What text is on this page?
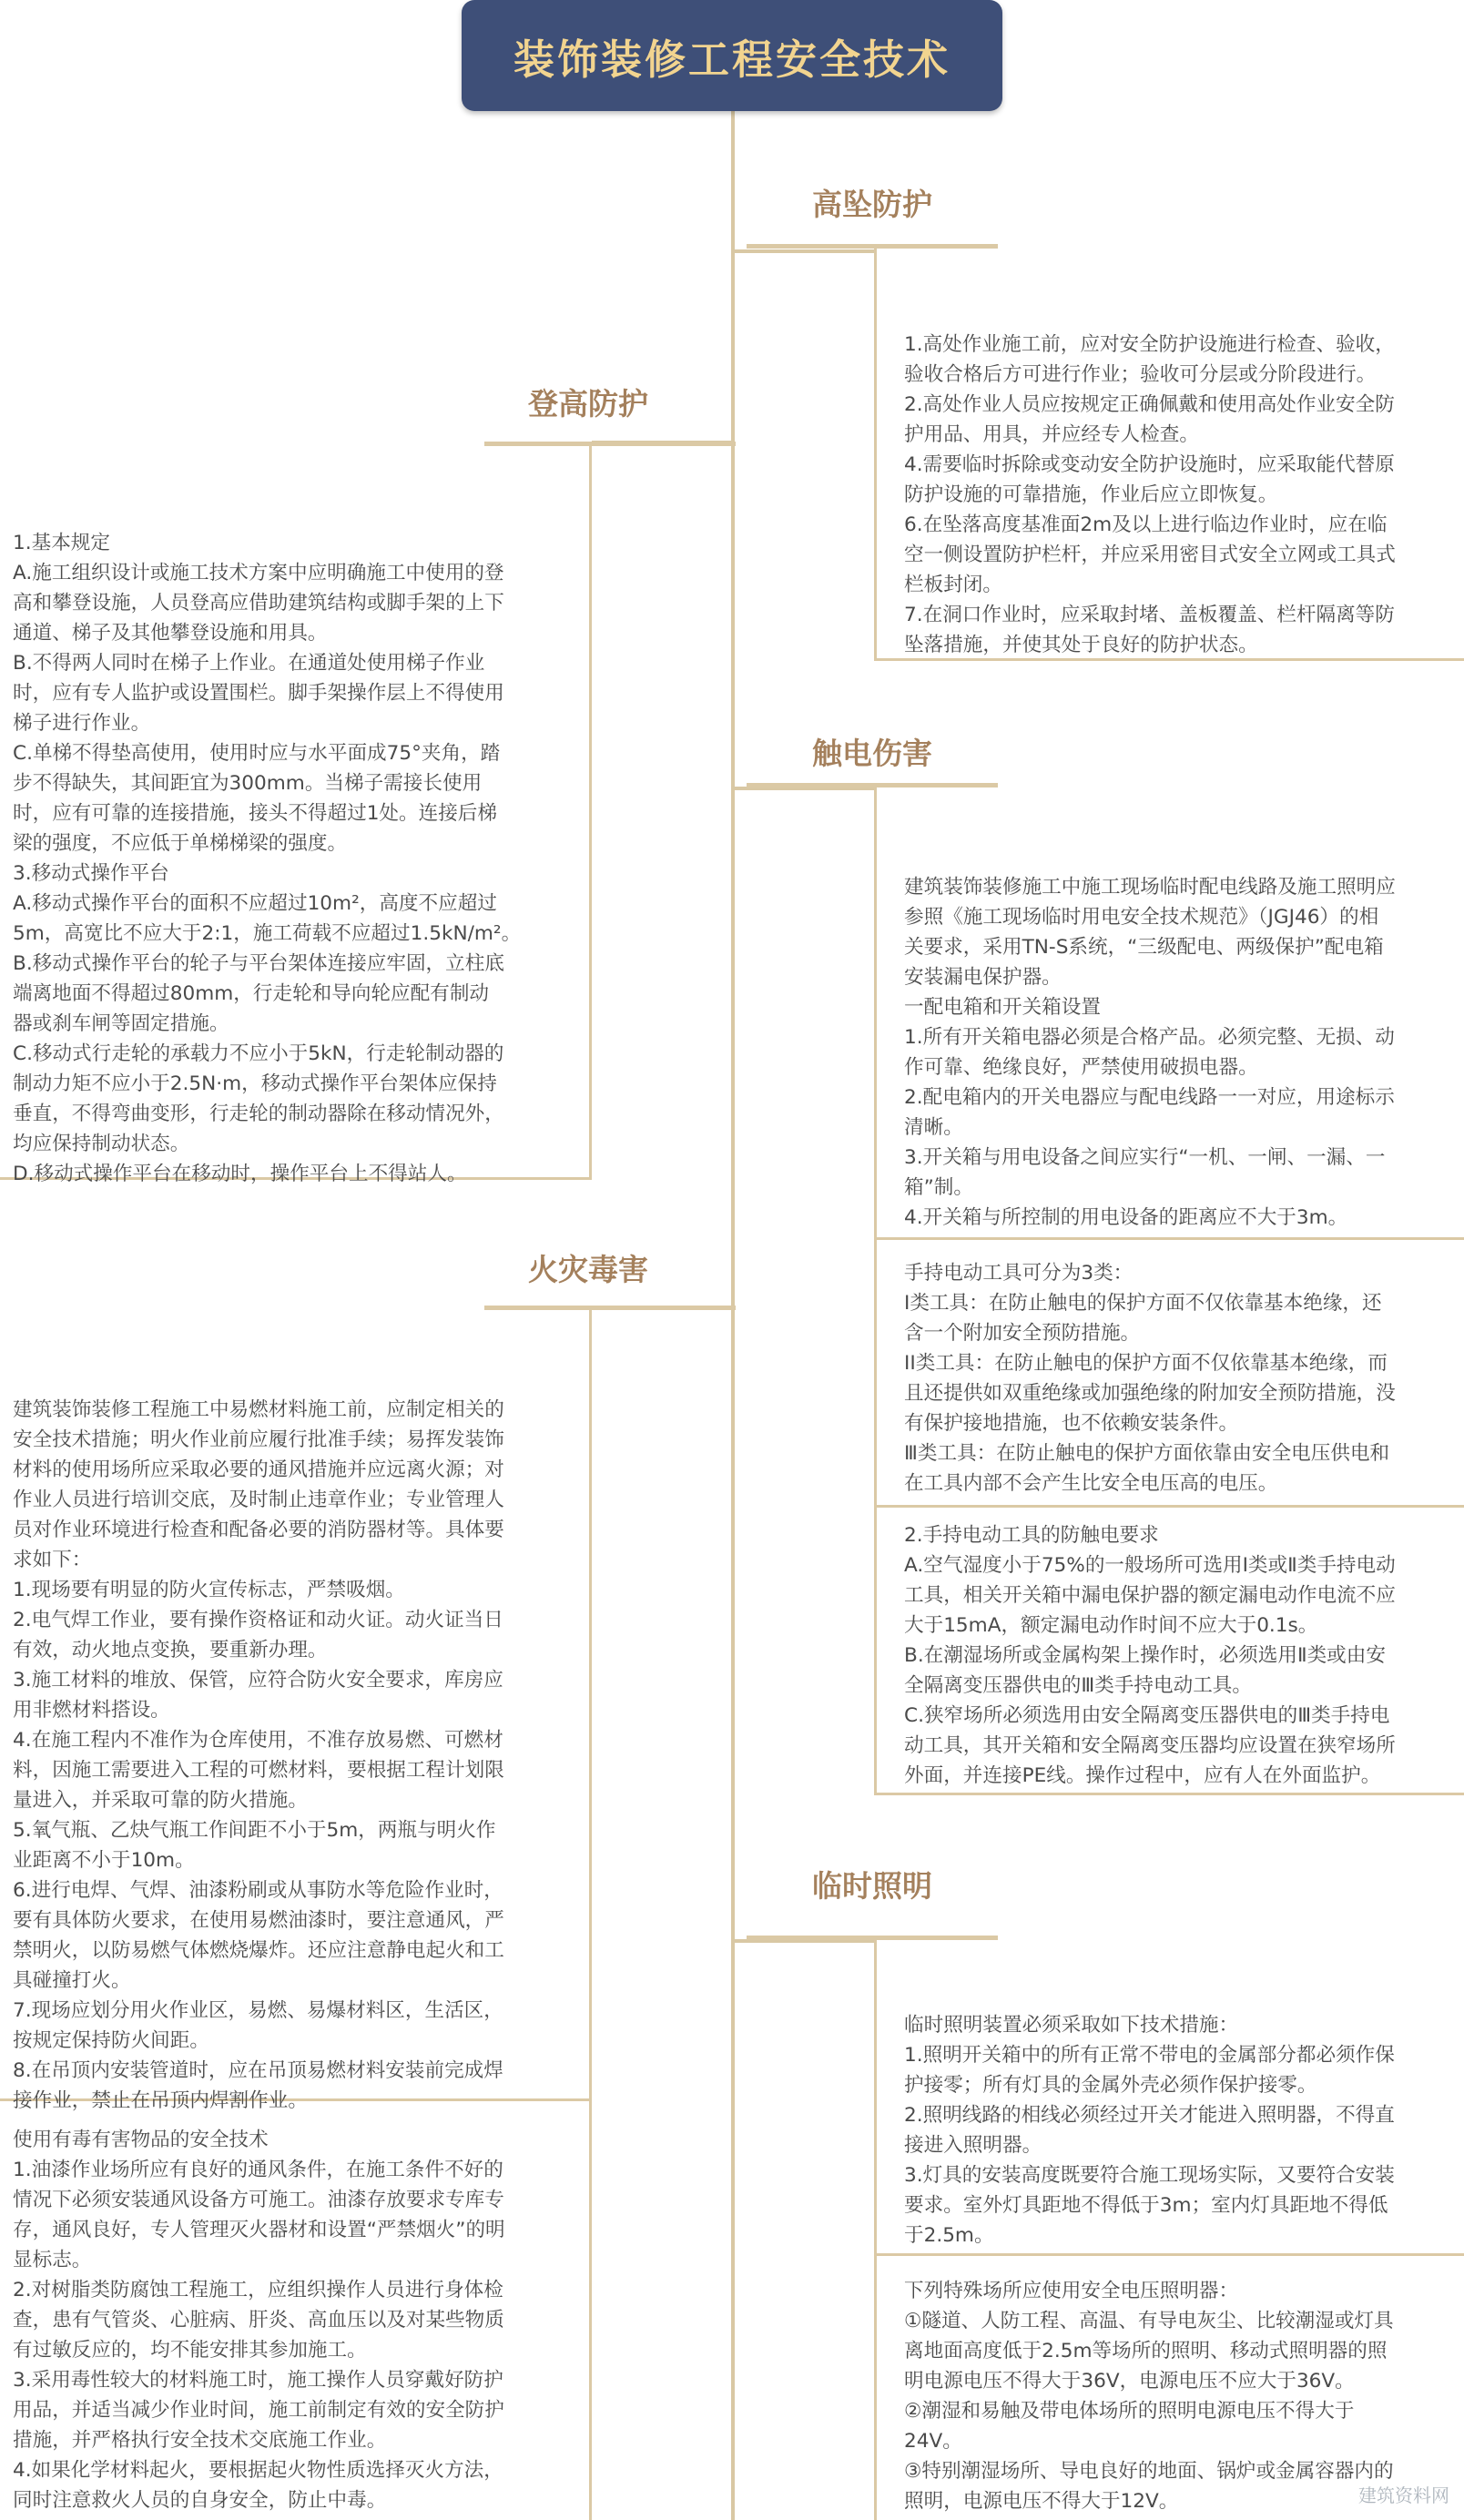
装饰装修工程安全技术
高坠防护
1.高处作业施工前，应对安全防护设施进行检查、验收，
验收合格后方可进行作业；验收可分层或分阶段进行。
2.高处作业人员应按规定正确佩戴和使用高处作业安全防
护用品、用具，并应经专人检查。
4.需要临时拆除或变动安全防护设施时，应采取能代替原
防护设施的可靠措施，作业后应立即恢复。
6.在坠落高度基准面2m及以上进行临边作业时，应在临
空一侧设置防护栏杆，并应采用密目式安全立网或工具式
栏板封闭。
7.在洞口作业时，应采取封堵、盖板覆盖、栏杆隔离等防
坠落措施，并使其处于良好的防护状态。
登高防护
1.基本规定
A.施工组织设计或施工技术方案中应明确施工中使用的登
高和攀登设施，人员登高应借助建筑结构或脚手架的上下
通道、梯子及其他攀登设施和用具。
B.不得两人同时在梯子上作业。在通道处使用梯子作业
时，应有专人监护或设置围栏。脚手架操作层上不得使用
梯子进行作业。
C.单梯不得垫高使用，使用时应与水平面成75°夹角，踏
步不得缺失，其间距宜为300mm。当梯子需接长使用
时，应有可靠的连接措施，接头不得超过1处。连接后梯
梁的强度，不应低于单梯梯梁的强度。
3.移动式操作平台
A.移动式操作平台的面积不应超过10m²，高度不应超过
5m，高宽比不应大于2:1，施工荷载不应超过1.5kN/m²。
B.移动式操作平台的轮子与平台架体连接应牢固，立柱底
端离地面不得超过80mm，行走轮和导向轮应配有制动
器或刹车闸等固定措施。
C.移动式行走轮的承载力不应小于5kN，行走轮制动器的
制动力矩不应小于2.5N·m，移动式操作平台架体应保持
垂直，不得弯曲变形，行走轮的制动器除在移动情况外，
均应保持制动状态。
D.移动式操作平台在移动时，操作平台上不得站人。
触电伤害
建筑装饰装修施工中施工现场临时配电线路及施工照明应
参照《施工现场临时用电安全技术规范》（JGJ46）的相
关要求，采用TN-S系统，“三级配电、两级保护”配电箱
安装漏电保护器。
一配电箱和开关箱设置
1.所有开关箱电器必须是合格产品。必须完整、无损、动
作可靠、绝缘良好，严禁使用破损电器。
2.配电箱内的开关电器应与配电线路一一对应，用途标示
清晰。
3.开关箱与用电设备之间应实行“一机、一闸、一漏、一
箱”制。
4.开关箱与所控制的用电设备的距离应不大于3m。
手持电动工具可分为3类：
I类工具：在防止触电的保护方面不仅依靠基本绝缘，还
含一个附加安全预防措施。
II类工具：在防止触电的保护方面不仅依靠基本绝缘，而
且还提供如双重绝缘或加强绝缘的附加安全预防措施，没
有保护接地措施，也不依赖安装条件。
Ⅲ类工具：在防止触电的保护方面依靠由安全电压供电和
在工具内部不会产生比安全电压高的电压。
2.手持电动工具的防触电要求
A.空气湿度小于75%的一般场所可选用I类或Ⅱ类手持电动
工具，相关开关箱中漏电保护器的额定漏电动作电流不应
大于15mA，额定漏电动作时间不应大于0.1s。
B.在潮湿场所或金属构架上操作时，必须选用Ⅱ类或由安
全隔离变压器供电的Ⅲ类手持电动工具。
C.狭窄场所必须选用由安全隔离变压器供电的Ⅲ类手持电
动工具，其开关箱和安全隔离变压器均应设置在狭窄场所
外面，并连接PE线。操作过程中，应有人在外面监护。
火灾毒害
建筑装饰装修工程施工中易燃材料施工前，应制定相关的
安全技术措施；明火作业前应履行批准手续；易挥发装饰
材料的使用场所应采取必要的通风措施并应远离火源；对
作业人员进行培训交底，及时制止违章作业；专业管理人
员对作业环境进行检查和配备必要的消防器材等。具体要
求如下：
1.现场要有明显的防火宣传标志，严禁吸烟。
2.电气焊工作业，要有操作资格证和动火证。动火证当日
有效，动火地点变换，要重新办理。
3.施工材料的堆放、保管，应符合防火安全要求，库房应
用非燃材料搭设。
4.在施工程内不准作为仓库使用，不准存放易燃、可燃材
料，因施工需要进入工程的可燃材料，要根据工程计划限
量进入，并采取可靠的防火措施。
5.氧气瓶、乙炔气瓶工作间距不小于5m，两瓶与明火作
业距离不小于10m。
6.进行电焊、气焊、油漆粉刷或从事防水等危险作业时，
要有具体防火要求，在使用易燃油漆时，要注意通风，严
禁明火，以防易燃气体燃烧爆炸。还应注意静电起火和工
具碰撞打火。
7.现场应划分用火作业区，易燃、易爆材料区，生活区，
按规定保持防火间距。
8.在吊顶内安装管道时，应在吊顶易燃材料安装前完成焊
接作业，禁止在吊顶内焊割作业。
使用有毒有害物品的安全技术
1.油漆作业场所应有良好的通风条件，在施工条件不好的
情况下必须安装通风设备方可施工。油漆存放要求专库专
存，通风良好，专人管理灭火器材和设置“严禁烟火”的明
显标志。
2.对树脂类防腐蚀工程施工，应组织操作人员进行身体检
查，患有气管炎、心脏病、肝炎、高血压以及对某些物质
有过敏反应的，均不能安排其参加施工。
3.采用毒性较大的材料施工时，施工操作人员穿戴好防护
用品，并适当减少作业时间，施工前制定有效的安全防护
措施，并严格执行安全技术交底施工作业。
4.如果化学材料起火，要根据起火物性质选择灭火方法，
同时注意救火人员的自身安全，防止中毒。
临时照明
临时照明装置必须采取如下技术措施：
1.照明开关箱中的所有正常不带电的金属部分都必须作保
护接零；所有灯具的金属外壳必须作保护接零。
2.照明线路的相线必须经过开关才能进入照明器，不得直
接进入照明器。
3.灯具的安装高度既要符合施工现场实际，又要符合安装
要求。室外灯具距地不得低于3m；室内灯具距地不得低
于2.5m。
下列特殊场所应使用安全电压照明器：
①隧道、人防工程、高温、有导电灰尘、比较潮湿或灯具
离地面高度低于2.5m等场所的照明、移动式照明器的照
明电源电压不得大于36V，电源电压不应大于36V。
②潮湿和易触及带电体场所的照明电源电压不得大于
24V。
③特别潮湿场所、导电良好的地面、锅炉或金属容器内的
照明，电源电压不得大于12V。	建筑资料网
